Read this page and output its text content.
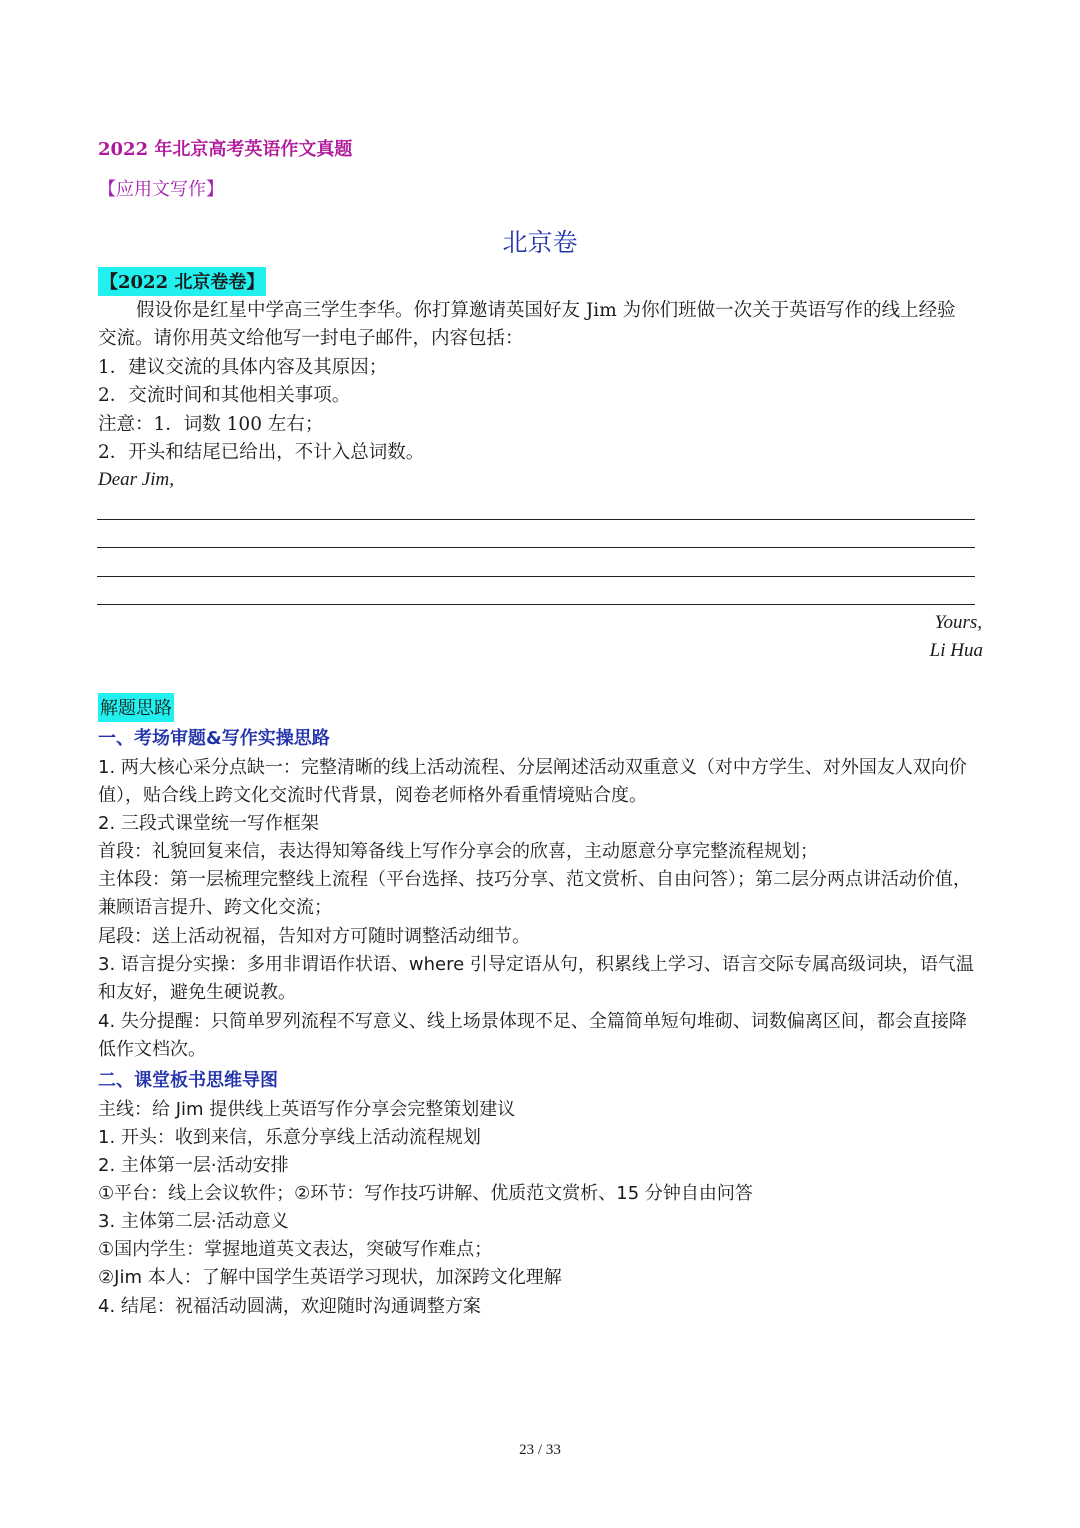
2022 年北京高考英语作文真题
【应用文写作】
北京卷
【2022 北京卷卷】
假设你是红星中学高三学生李华。你打算邀请英国好友 Jim 为你们班做一次关于英语写作的线上经验
交流。请你用英文给他写一封电子邮件，内容包括：
1．建议交流的具体内容及其原因；
2．交流时间和其他相关事项。
注意：1．词数 100 左右；
2．开头和结尾已给出，不计入总词数。
Dear Jim,
Yours,
Li Hua
解题思路
一、考场审题&写作实操思路
1. 两大核心采分点缺一：完整清晰的线上活动流程、分层阐述活动双重意义（对中方学生、对外国友人双向价值），贴合线上跨文化交流时代背景，阅卷老师格外看重情境贴合度。
2. 三段式课堂统一写作框架
首段：礼貌回复来信，表达得知筹备线上写作分享会的欣喜，主动愿意分享完整流程规划；
主体段：第一层梳理完整线上流程（平台选择、技巧分享、范文赏析、自由问答）；第二层分两点讲活动价值，兼顾语言提升、跨文化交流；
尾段：送上活动祝福，告知对方可随时调整活动细节。
3. 语言提分实操：多用非谓语作状语、where 引导定语从句，积累线上学习、语言交际专属高级词块，语气温和友好，避免生硬说教。
4. 失分提醒：只简单罗列流程不写意义、线上场景体现不足、全篇简单短句堆砌、词数偏离区间，都会直接降低作文档次。
二、课堂板书思维导图
主线：给 Jim 提供线上英语写作分享会完整策划建议
1. 开头：收到来信，乐意分享线上活动流程规划
2. 主体第一层·活动安排
①平台：线上会议软件；②环节：写作技巧讲解、优质范文赏析、15 分钟自由问答
3. 主体第二层·活动意义
①国内学生：掌握地道英文表达，突破写作难点；
②Jim 本人：了解中国学生英语学习现状，加深跨文化理解
4. 结尾：祝福活动圆满，欢迎随时沟通调整方案
23 / 33
